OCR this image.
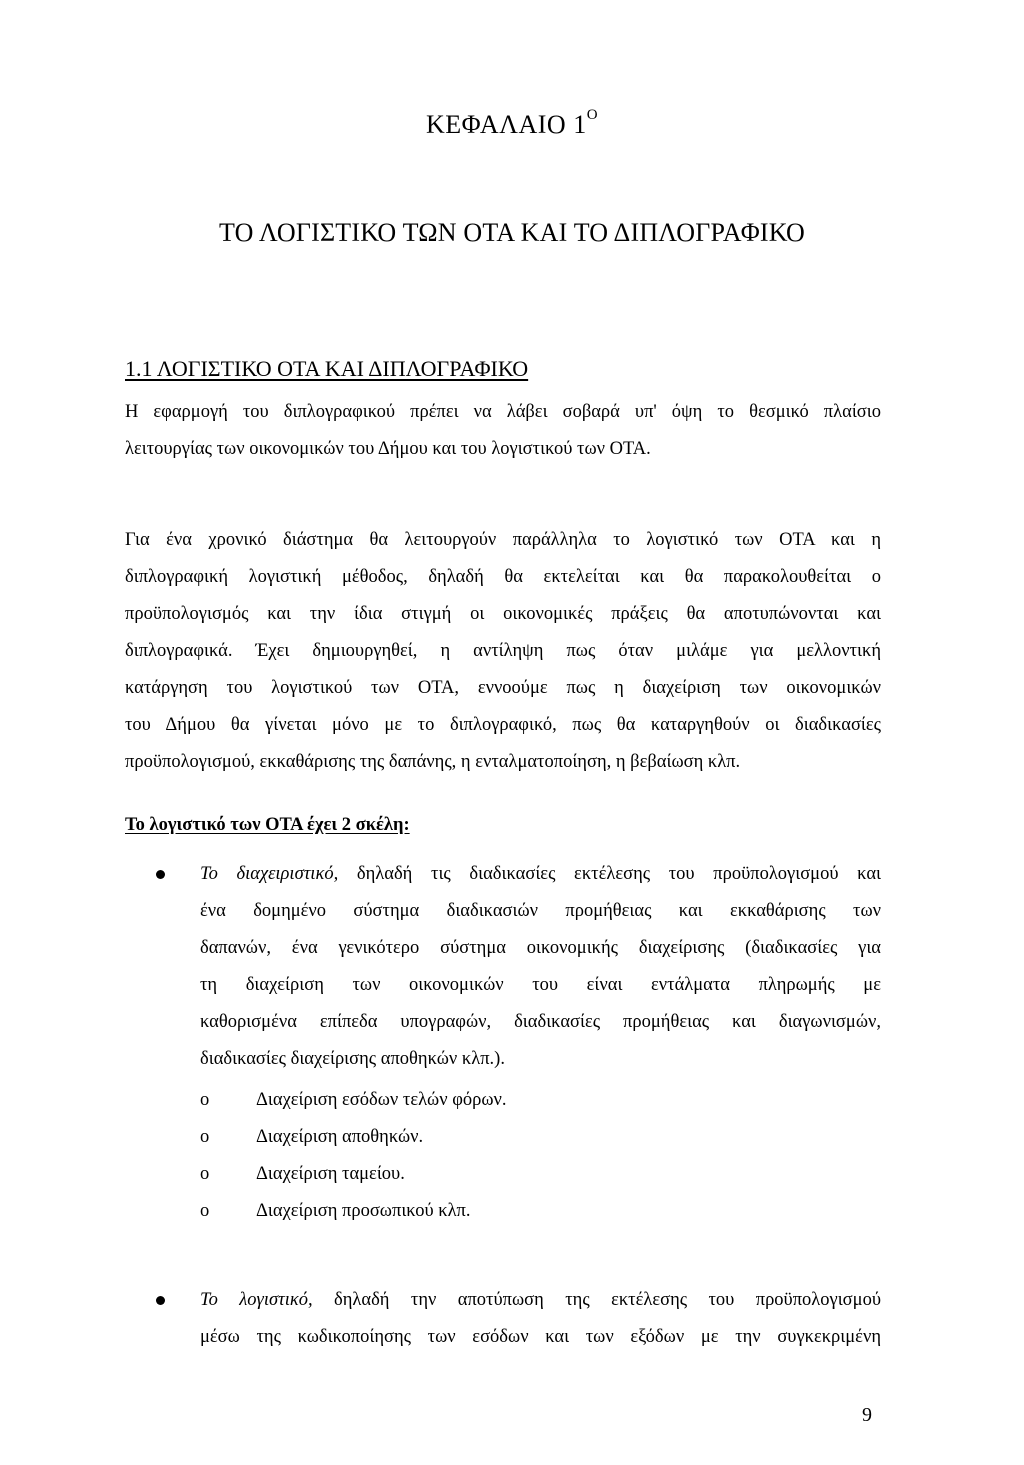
ΚΕΦΑΛΑΙΟ $1^O$
ΤΟ ΛΟΓΙΣΤΙΚΟ ΤΩΝ ΟΤΑ ΚΑΙ ΤΟ ΔΙΠΛΟΓΡΑΦΙΚΟ
1.1 ΛΟΓΙΣΤΙΚΟ ΟΤΑ ΚΑΙ ΔΙΠΛΟΓΡΑΦΙΚΟ
Η εφαρμογή του διπλογραφικού πρέπει να λάβει σοβαρά υπ' όψη το θεσμικό πλαίσιο
λειτουργίας των οικονομικών του Δήμου και του λογιστικού των ΟΤΑ.
Για ένα χρονικό διάστημα θα λειτουργούν παράλληλα το λογιστικό των ΟΤΑ και η
διπλογραφική λογιστική μέθοδος, δηλαδή θα εκτελείται και θα παρακολουθείται ο
προϋπολογισμός και την ίδια στιγμή οι οικονομικές πράξεις θα αποτυπώνονται και
διπλογραφικά. Έχει δημιουργηθεί, η αντίληψη πως όταν μιλάμε για μελλοντική
κατάργηση του λογιστικού των ΟΤΑ, εννοούμε πως η διαχείριση των οικονομικών
του Δήμου θα γίνεται μόνο με το διπλογραφικό, πως θα καταργηθούν οι διαδικασίες
προϋπολογισμού, εκκαθάρισης της δαπάνης, η ενταλματοποίηση, η βεβαίωση κλπ.
Το λογιστικό των ΟΤΑ έχει 2 σκέλη:
Το διαχειριστικό, δηλαδή τις διαδικασίες εκτέλεσης του προϋπολογισμού και
ένα δομημένο σύστημα διαδικασιών προμήθειας και εκκαθάρισης των
δαπανών, ένα γενικότερο σύστημα οικονομικής διαχείρισης (διαδικασίες για
τη διαχείριση των οικονομικών του είναι εντάλματα πληρωμής με
καθορισμένα επίπεδα υπογραφών, διαδικασίες προμήθειας και διαγωνισμών,
διαδικασίες διαχείρισης αποθηκών κλπ.).
o	Διαχείριση εσόδων τελών φόρων.
o	Διαχείριση αποθηκών.
o	Διαχείριση ταμείου.
o	Διαχείριση προσωπικού κλπ.
Το λογιστικό, δηλαδή την αποτύπωση της εκτέλεσης του προϋπολογισμού
μέσω της κωδικοποίησης των εσόδων και των εξόδων με την συγκεκριμένη
9
